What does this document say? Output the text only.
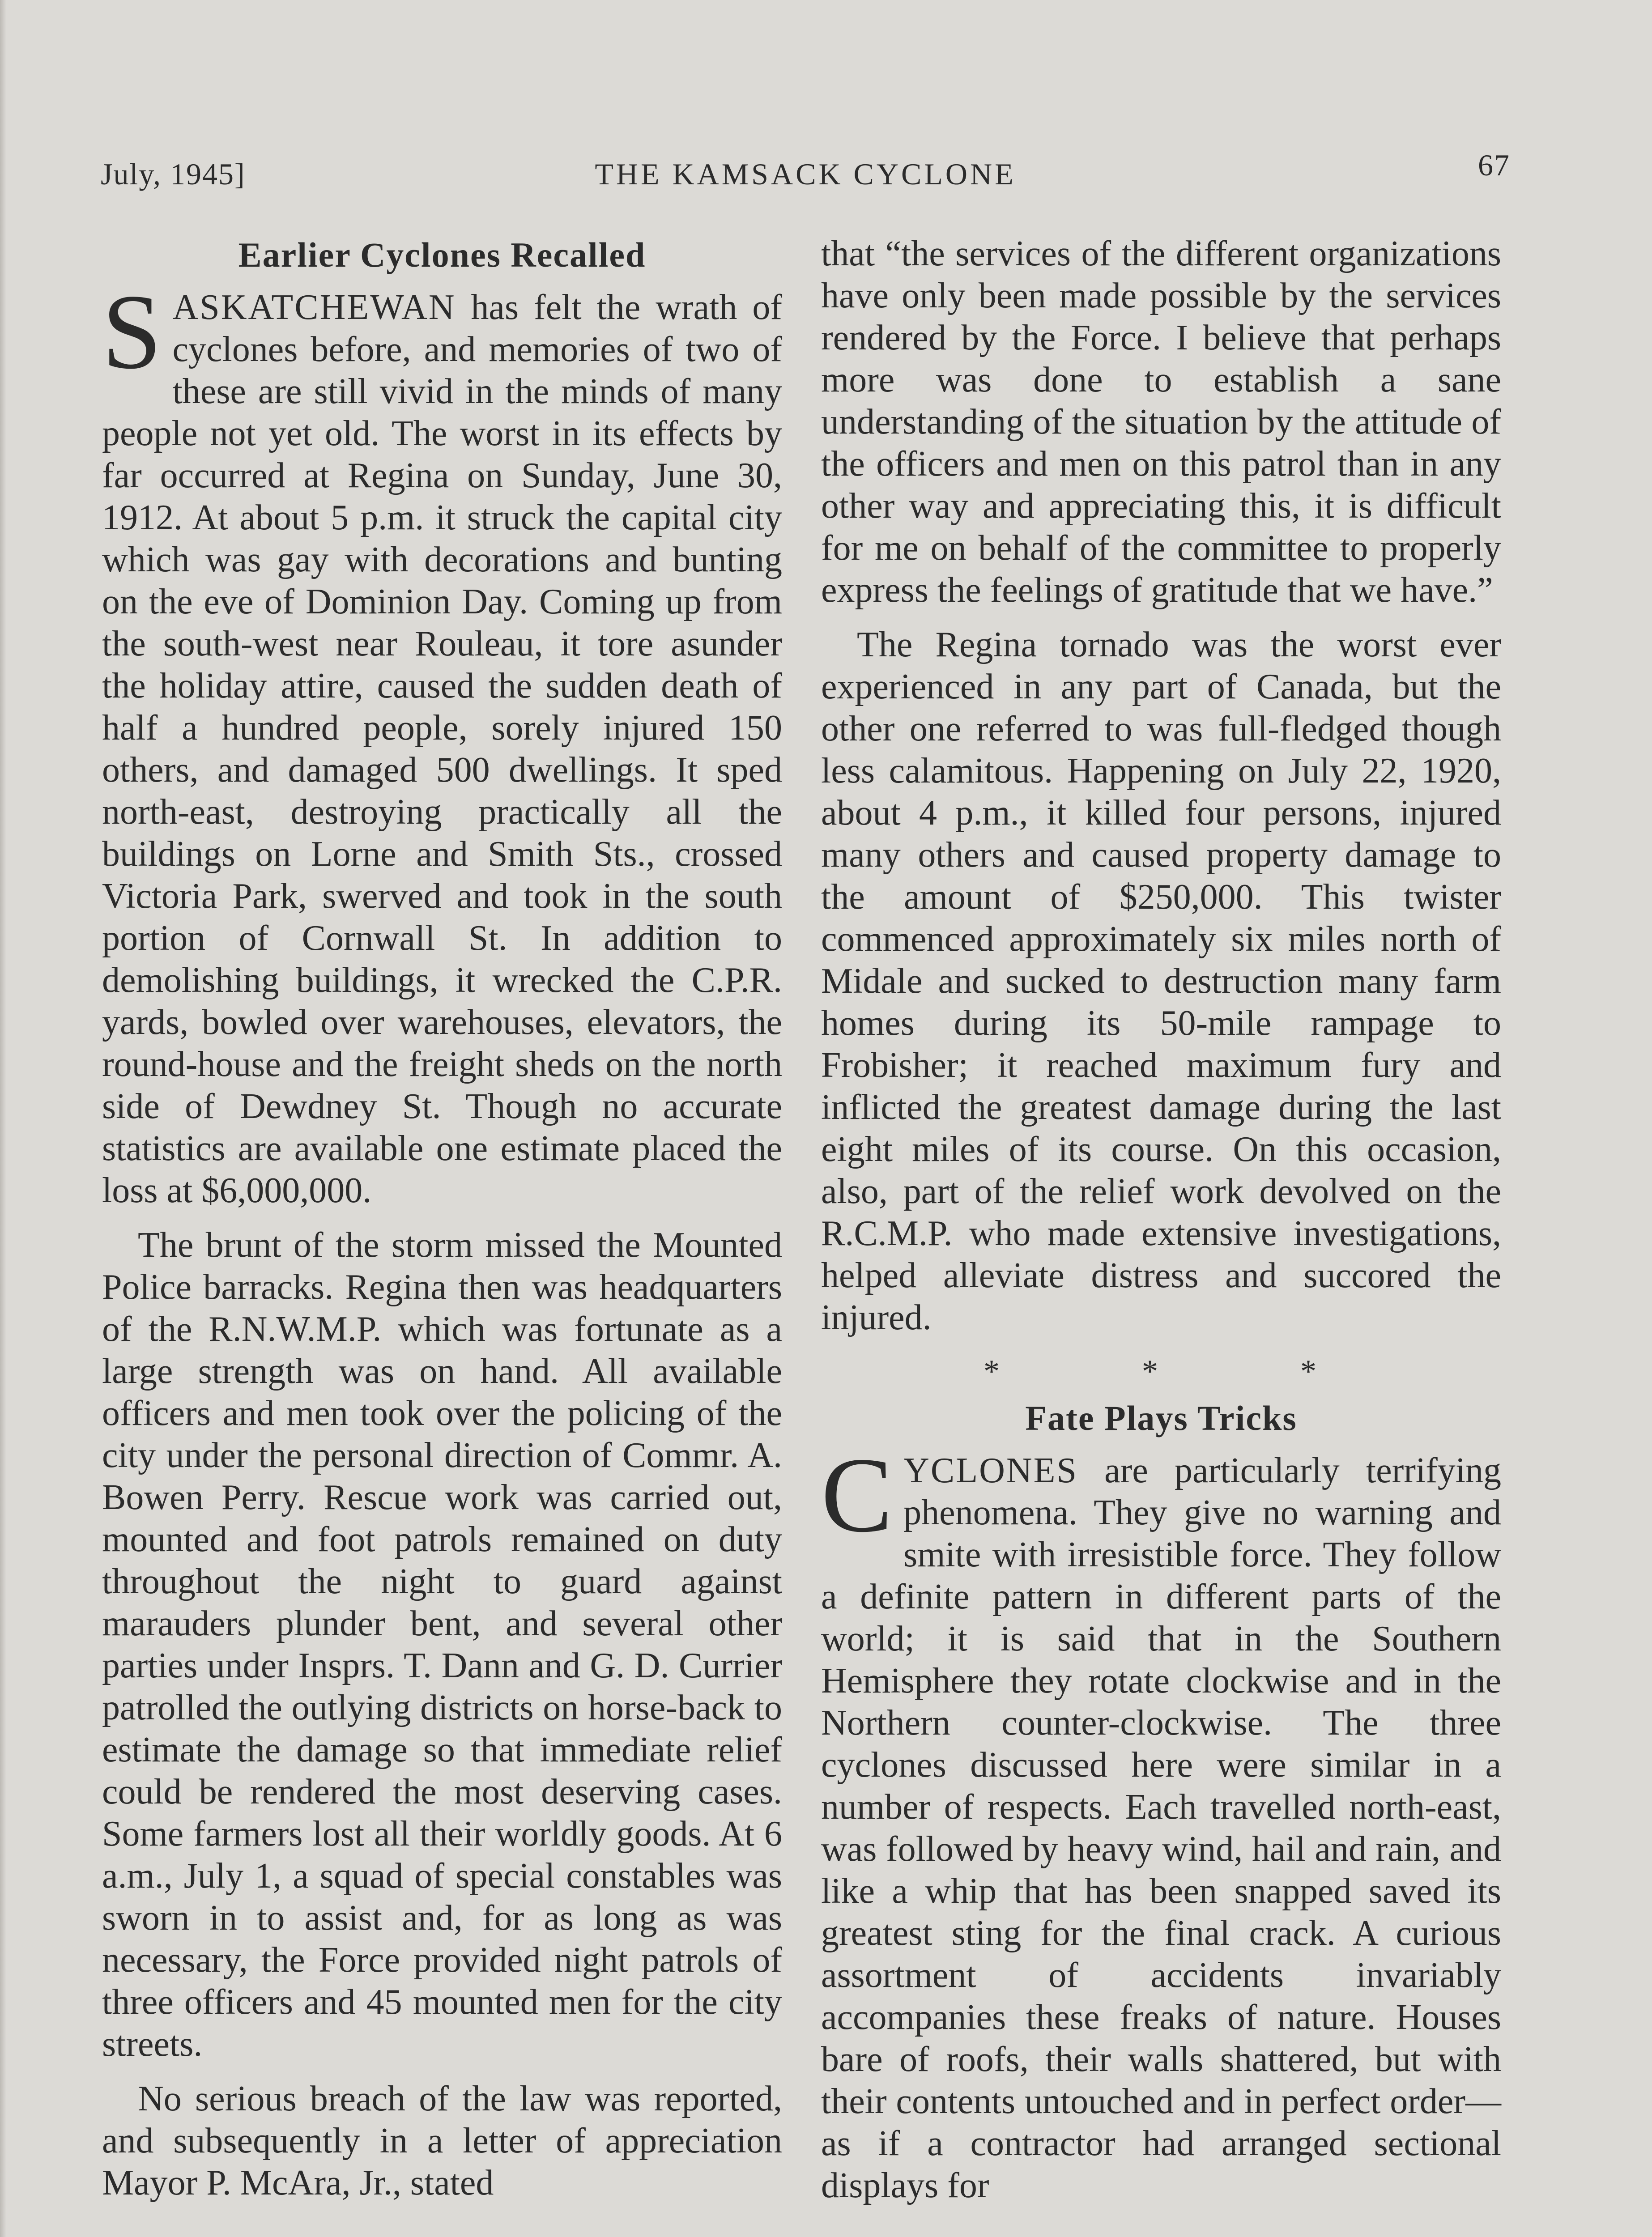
July, 1945]	THE KAMSACK CYCLONE	67
Earlier Cyclones Recalled

SASKATCHEWAN has felt the wrath of cyclones before, and memories of two of these are still vivid in the minds of many people not yet old. The worst in its effects by far occurred at Regina on Sunday, June 30, 1912. At about 5 p.m. it struck the capital city which was gay with decorations and bunting on the eve of Dominion Day. Coming up from the south-west near Rouleau, it tore asunder the holiday attire, caused the sudden death of half a hundred people, sorely injured 150 others, and damaged 500 dwellings. It sped north-east, destroying practically all the buildings on Lorne and Smith Sts., crossed Victoria Park, swerved and took in the south portion of Cornwall St. In addition to demolishing buildings, it wrecked the C.P.R. yards, bowled over warehouses, elevators, the round-house and the freight sheds on the north side of Dewdney St. Though no accurate statistics are available one estimate placed the loss at $6,000,000.

The brunt of the storm missed the Mounted Police barracks. Regina then was headquarters of the R.N.W.M.P. which was fortunate as a large strength was on hand. All available officers and men took over the policing of the city under the personal direction of Commr. A. Bowen Perry. Rescue work was carried out, mounted and foot patrols remained on duty throughout the night to guard against marauders plunder bent, and several other parties under Insprs. T. Dann and G. D. Currier patrolled the outlying districts on horse-back to estimate the damage so that immediate relief could be rendered the most deserving cases. Some farmers lost all their worldly goods. At 6 a.m., July 1, a squad of special constables was sworn in to assist and, for as long as was necessary, the Force provided night patrols of three officers and 45 mounted men for the city streets.

No serious breach of the law was reported, and subsequently in a letter of appreciation Mayor P. McAra, Jr., stated

that “the services of the different organizations have only been made possible by the services rendered by the Force. I believe that perhaps more was done to establish a sane understanding of the situation by the attitude of the officers and men on this patrol than in any other way and appreciating this, it is difficult for me on behalf of the committee to properly express the feelings of gratitude that we have.”

The Regina tornado was the worst ever experienced in any part of Canada, but the other one referred to was full-fledged though less calamitous. Happening on July 22, 1920, about 4 p.m., it killed four persons, injured many others and caused property damage to the amount of $250,000. This twister commenced approximately six miles north of Midale and sucked to destruction many farm homes during its 50-mile rampage to Frobisher; it reached maximum fury and inflicted the greatest damage during the last eight miles of its course. On this occasion, also, part of the relief work devolved on the R.C.M.P. who made extensive investigations, helped alleviate distress and succored the injured.

* * *
Fate Plays Tricks

CYCLONES are particularly terrifying phenomena. They give no warning and smite with irresistible force. They follow a definite pattern in different parts of the world; it is said that in the Southern Hemisphere they rotate clockwise and in the Northern counter-clockwise. The three cyclones discussed here were similar in a number of respects. Each travelled north-east, was followed by heavy wind, hail and rain, and like a whip that has been snapped saved its greatest sting for the final crack. A curious assortment of accidents invariably accompanies these freaks of nature. Houses bare of roofs, their walls shattered, but with their contents untouched and in perfect order—as if a contractor had arranged sectional displays for
